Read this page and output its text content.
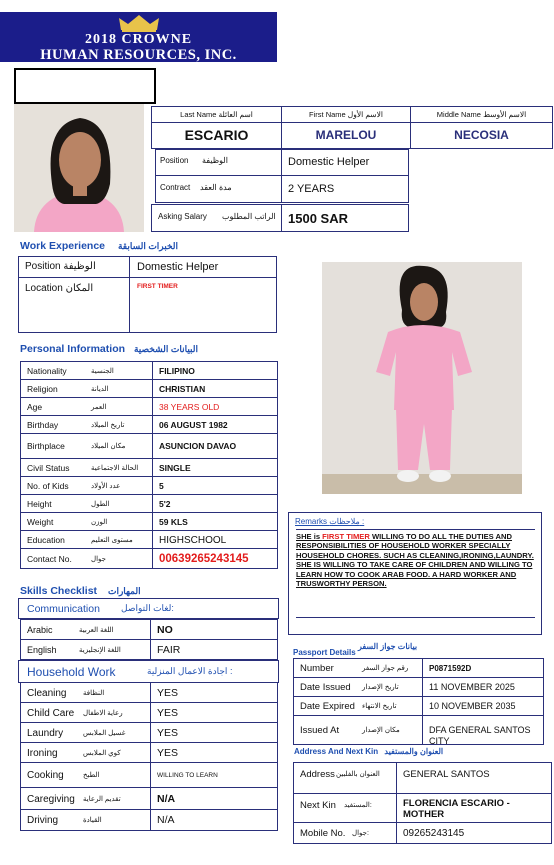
2018 CROWNE
HUMAN RESOURCES, INC.
Last Name اسم العائلة	First Name الاسم الأول	Middle Name الاسم الأوسط
ESCARIO	MARELOU	NECOSIA
Position الوظيفة	Domestic Helper
Contract مدة العقد	2 YEARS
Asking Salary الراتب المطلوب 1500 SAR
Work Experience الخبرات السابقة
Position الوظيفة	Domestic Helper
Location المكان	FIRST TIMER
Personal Information البيانات الشخصية
Nationality	الجنسية	FILIPINO
Religion	الديانة	CHRISTIAN
Age	العمر	38 YEARS OLD
Birthday	تاريخ الميلاد	06 AUGUST 1982
Birthplace	مكان الميلاد	ASUNCION DAVAO
Civil Status	الحالة الاجتماعية SINGLE
No. of Kids	عدد الأولاد	5
Height	الطول	5'2
Weight	الوزن	59 KLS
Education	مستوى التعليم	HIGHSCHOOL
Contact No.	جوال	00639265243145
Skills Checklist المهارات
Communication لغات التواصل:
Arabic	اللغة العربية	NO
English	اللغة الإنجليزية	FAIR
Household Work	اجادة الاعمال المنزلية :
Cleaning النظافة	YES
Child Care رعاية الاطفال	YES
Laundry	غسيل الملابس	YES
Ironing	كوي الملابس	YES
Cooking	الطبخ	WILLING TO LEARN
Caregiving تقديم الرعاية	N/A
Driving	القيادة	N/A
Remarks ملاحظات :
SHE is FIRST TIMER WILLING TO DO ALL THE DUTIES AND RESPONSIBILITIES OF HOUSEHOLD WORKER SPECIALLY HOUSEHOLD CHORES. SUCH AS CLEANING,IRONING,LAUNDRY. SHE IS WILLING TO TAKE CARE OF CHILDREN AND WILLING TO LEARN HOW TO COOK ARAB FOOD. A HARD WORKER AND TRUSWORTHY PERSON.
Passport Details بيانات جواز السفر
Number	رقم جواز السفر	P0871592D
Date Issued تاريخ الإصدار	11 NOVEMBER 2025
Date Expired تاريخ الانتهاء	10 NOVEMBER 2035
Issued At	مكان الإصدار	DFA GENERAL SANTOS CITY
Address And Next Kin العنوان والمستفيد
Address العنوان بالفلبين GENERAL SANTOS
Next Kin المستفيد:	FLORENCIA ESCARIO - MOTHER
Mobile No. جوال:	09265243145
